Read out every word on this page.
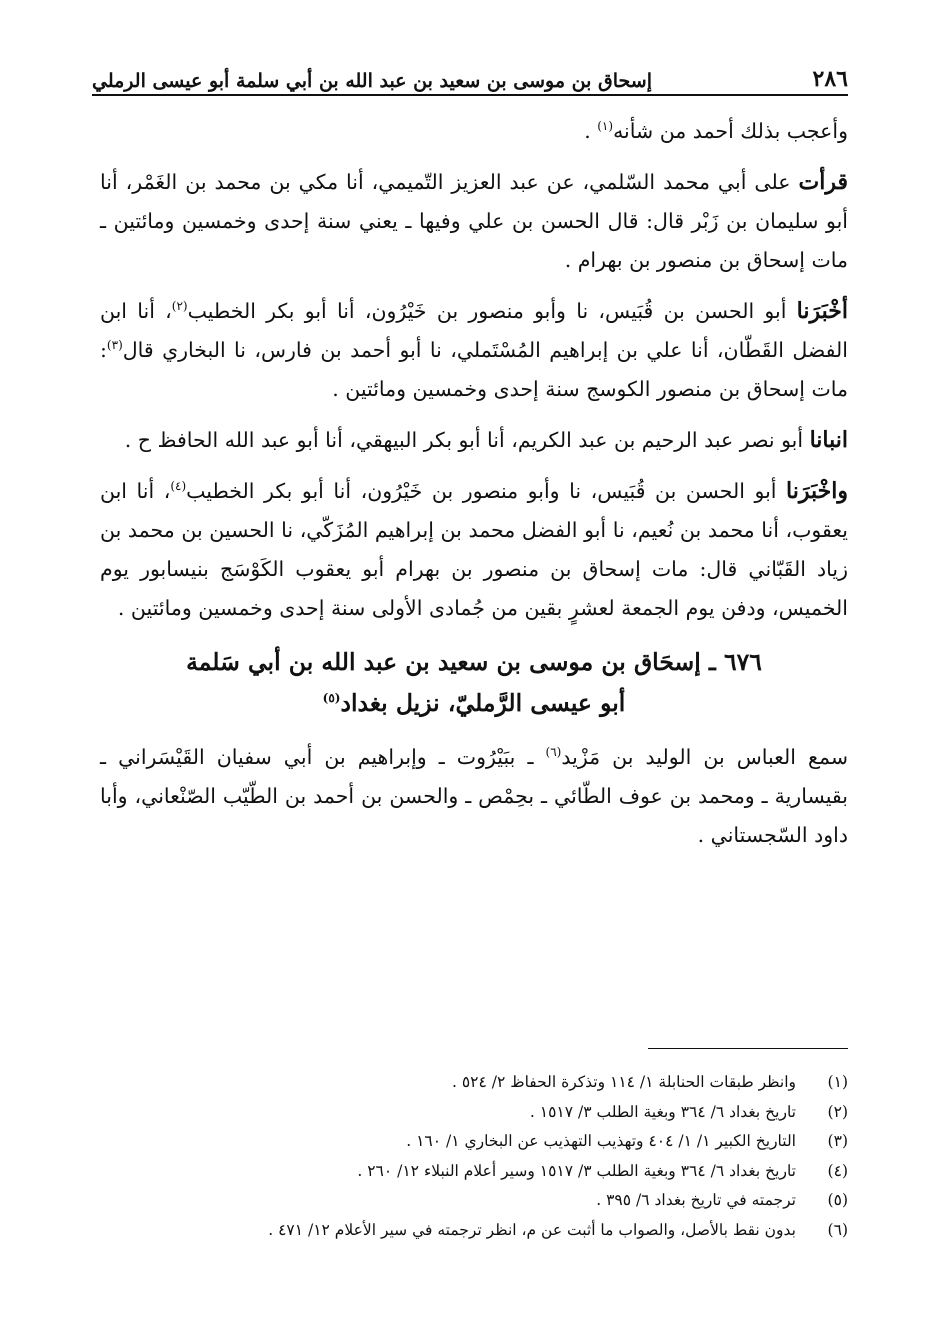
٢٨٦
إسحاق بن موسى بن سعيد بن عبد الله بن أبي سلمة أبو عيسى الرملي

وأعجب بذلك أحمد من شأنه$^{(١)}$ .

قرأت على أبي محمد السّلمي، عن عبد العزيز التّميمي، أنا مكي بن محمد بن الغَمْر، أنا أبو سليمان بن زَبْر قال: قال الحسن بن علي وفيها ـ يعني سنة إحدى وخمسين ومائتين ـ مات إسحاق بن منصور بن بهرام .

أخْبَرَنا أبو الحسن بن قُبَيس، نا وأبو منصور بن خَيْرُون، أنا أبو بكر الخطيب$^{(٢)}$، أنا ابن الفضل القَطّان، أنا علي بن إبراهيم المُسْتَملي، نا أبو أحمد بن فارس، نا البخاري قال$^{(٣)}$: مات إسحاق بن منصور الكوسج سنة إحدى وخمسين ومائتين .

انبانا أبو نصر عبد الرحيم بن عبد الكريم، أنا أبو بكر البيهقي، أنا أبو عبد الله الحافظ ح .

واخْبَرَنا أبو الحسن بن قُبَيس، نا وأبو منصور بن خَيْرُون، أنا أبو بكر الخطيب$^{(٤)}$، أنا ابن يعقوب، أنا محمد بن نُعيم، نا أبو الفضل محمد بن إبراهيم المُزَكّي، نا الحسين بن محمد بن زياد القَبّاني قال: مات إسحاق بن منصور بن بهرام أبو يعقوب الكَوْسَج بنيسابور يوم الخميس، ودفن يوم الجمعة لعشرٍ بقين من جُمادى الأولى سنة إحدى وخمسين ومائتين .

٦٧٦ ـ إسحَاق بن موسى بن سعيد بن عبد الله بن أبي سَلمة
أبو عيسى الرَّمليّ، نزيل بغداد$^{(٥)}$

سمع العباس بن الوليد بن مَزْيد$^{(٦)}$ ـ ببَيْرُوت ـ وإبراهيم بن أبي سفيان القَيْسَراني ـ بقيسارية ـ ومحمد بن عوف الطّائي ـ بحِمْص ـ والحسن بن أحمد بن الطّيّب الصّنْعاني، وأبا داود السّجستاني .

(١)
وانظر طبقات الحنابلة ١/ ١١٤ وتذكرة الحفاظ ٢/ ٥٢٤ .
(٢)
تاريخ بغداد ٦/ ٣٦٤ وبغية الطلب ٣/ ١٥١٧ .
(٣)
التاريخ الكبير ١/ ١/ ٤٠٤ وتهذيب التهذيب عن البخاري ١/ ١٦٠ .
(٤)
تاريخ بغداد ٦/ ٣٦٤ وبغية الطلب ٣/ ١٥١٧ وسير أعلام النبلاء ١٢/ ٢٦٠ .
(٥)
ترجمته في تاريخ بغداد ٦/ ٣٩٥ .
(٦)
بدون نقط بالأصل، والصواب ما أثبت عن م، انظر ترجمته في سير الأعلام ١٢/ ٤٧١ .
